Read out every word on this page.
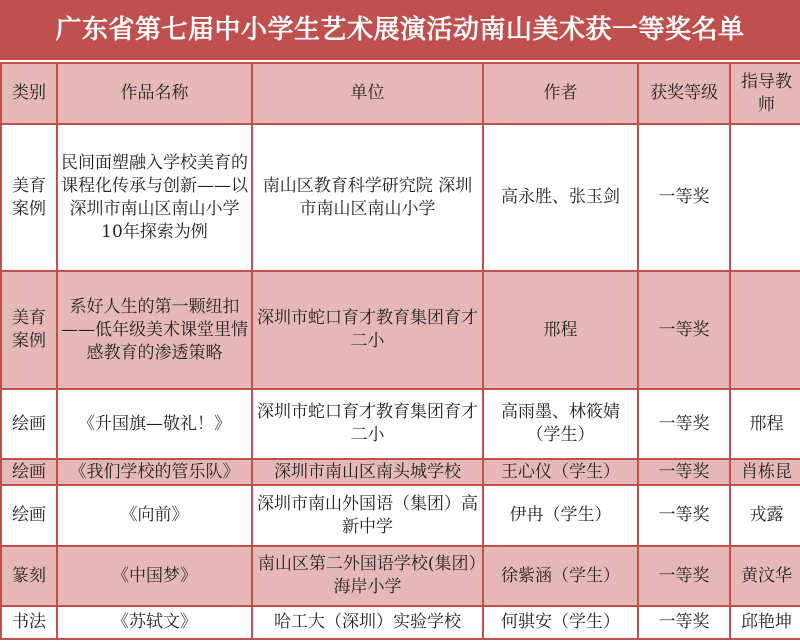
广东省第七届中小学生艺术展演活动南山美术获一等奖名单
类别	作品名称	单位	作者	获奖等级	指导教师
美育案例	民间面塑融入学校美育的课程化传承与创新——以深圳市南山区南山小学10年探索为例	南山区教育科学研究院 深圳市南山区南山小学	高永胜、张玉剑	一等奖	
美育案例	系好人生的第一颗纽扣——低年级美术课堂里情感教育的渗透策略	深圳市蛇口育才教育集团育才二小	邢程	一等奖	
绘画	《升国旗—敬礼！》	深圳市蛇口育才教育集团育才二小	高雨墨、林筱婧（学生）	一等奖	邢程
绘画	《我们学校的管乐队》	深圳市南山区南头城学校	王心仪（学生）	一等奖	肖栋昆
绘画	《向前》	深圳市南山外国语（集团）高新中学	伊冉（学生）	一等奖	戎露
篆刻	《中国梦》	南山区第二外国语学校(集团）海岸小学	徐紫涵（学生）	一等奖	黄汶华
书法	《苏轼文》	哈工大（深圳）实验学校	何骐安（学生）	一等奖	邱艳坤
